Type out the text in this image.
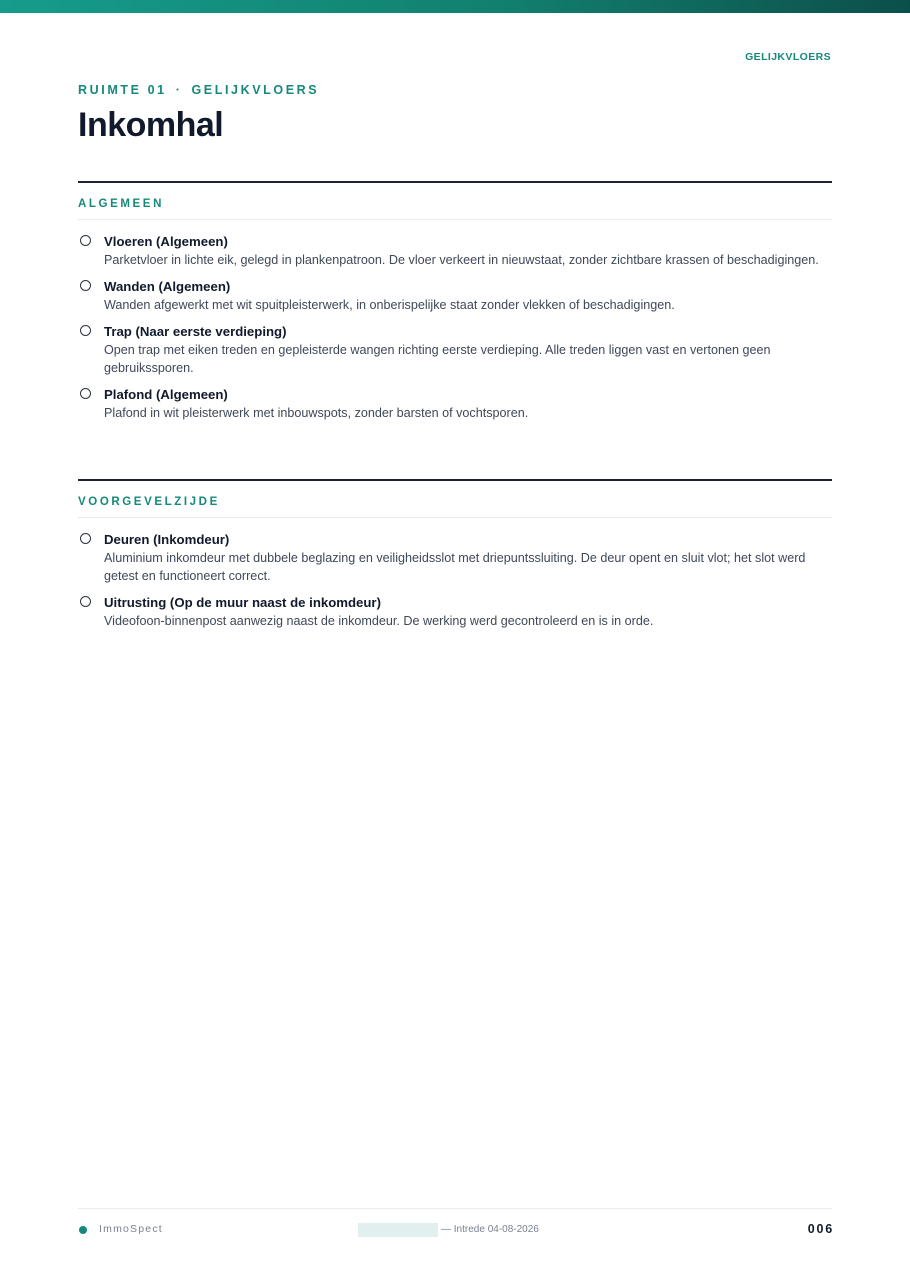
GELIJKVLOERS
RUIMTE 01 · GELIJKVLOERS
Inkomhal
ALGEMEEN
Vloeren (Algemeen)
Parketvloer in lichte eik, gelegd in plankenpatroon. De vloer verkeert in nieuwstaat, zonder zichtbare krassen of beschadigingen.
Wanden (Algemeen)
Wanden afgewerkt met wit spuitpleisterwerk, in onberispelijke staat zonder vlekken of beschadigingen.
Trap (Naar eerste verdieping)
Open trap met eiken treden en gepleisterde wangen richting eerste verdieping. Alle treden liggen vast en vertonen geen gebruikssporen.
Plafond (Algemeen)
Plafond in wit pleisterwerk met inbouwspots, zonder barsten of vochtsporen.
VOORGEVELZIJDE
Deuren (Inkomdeur)
Aluminium inkomdeur met dubbele beglazing en veiligheidsslot met driepuntssluiting. De deur opent en sluit vlot; het slot werd getest en functioneert correct.
Uitrusting (Op de muur naast de inkomdeur)
Videofoon-binnenpost aanwezig naast de inkomdeur. De werking werd gecontroleerd en is in orde.
ImmoSpect	— Intrede 04-08-2026	006
